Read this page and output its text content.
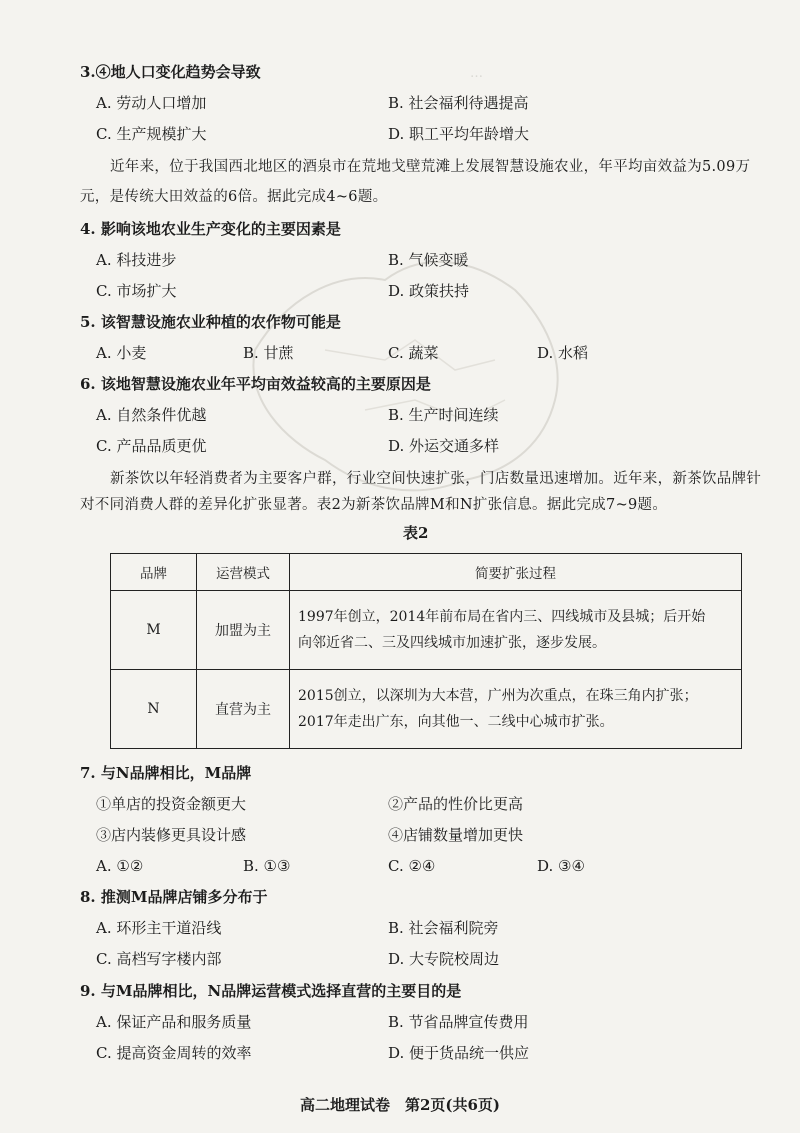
…
3.④地人口变化趋势会导致
A. 劳动人口增加	B. 社会福利待遇提高
C. 生产规模扩大	D. 职工平均年龄增大
近年来，位于我国西北地区的酒泉市在荒地戈壁荒滩上发展智慧设施农业，年平均亩效益为5.09万
元，是传统大田效益的6倍。据此完成4~6题。
4. 影响该地农业生产变化的主要因素是
A. 科技进步	B. 气候变暖
C. 市场扩大	D. 政策扶持
5. 该智慧设施农业种植的农作物可能是
A. 小麦	B. 甘蔗	C. 蔬菜	D. 水稻
6. 该地智慧设施农业年平均亩效益较高的主要原因是
A. 自然条件优越	B. 生产时间连续
C. 产品品质更优	D. 外运交通多样
新茶饮以年轻消费者为主要客户群，行业空间快速扩张，门店数量迅速增加。近年来，新茶饮品牌针
对不同消费人群的差异化扩张显著。表2为新茶饮品牌M和N扩张信息。据此完成7~9题。
表2
品牌	运营模式	简要扩张过程
M	加盟为主	1997年创立，2014年前布局在省内三、四线城市及县城；后开始
向邻近省二、三及四线城市加速扩张，逐步发展。

N	直营为主	2015创立，以深圳为大本营，广州为次重点，在珠三角内扩张；
2017年走出广东，向其他一、二线中心城市扩张。
7. 与N品牌相比，M品牌
①单店的投资金额更大	②产品的性价比更高
③店内装修更具设计感	④店铺数量增加更快
A. ①②	B. ①③	C. ②④	D. ③④
8. 推测M品牌店铺多分布于
A. 环形主干道沿线	B. 社会福利院旁
C. 高档写字楼内部	D. 大专院校周边
9. 与M品牌相比，N品牌运营模式选择直营的主要目的是
A. 保证产品和服务质量	B. 节省品牌宣传费用
C. 提高资金周转的效率	D. 便于货品统一供应
高二地理试卷　第2页(共6页)
